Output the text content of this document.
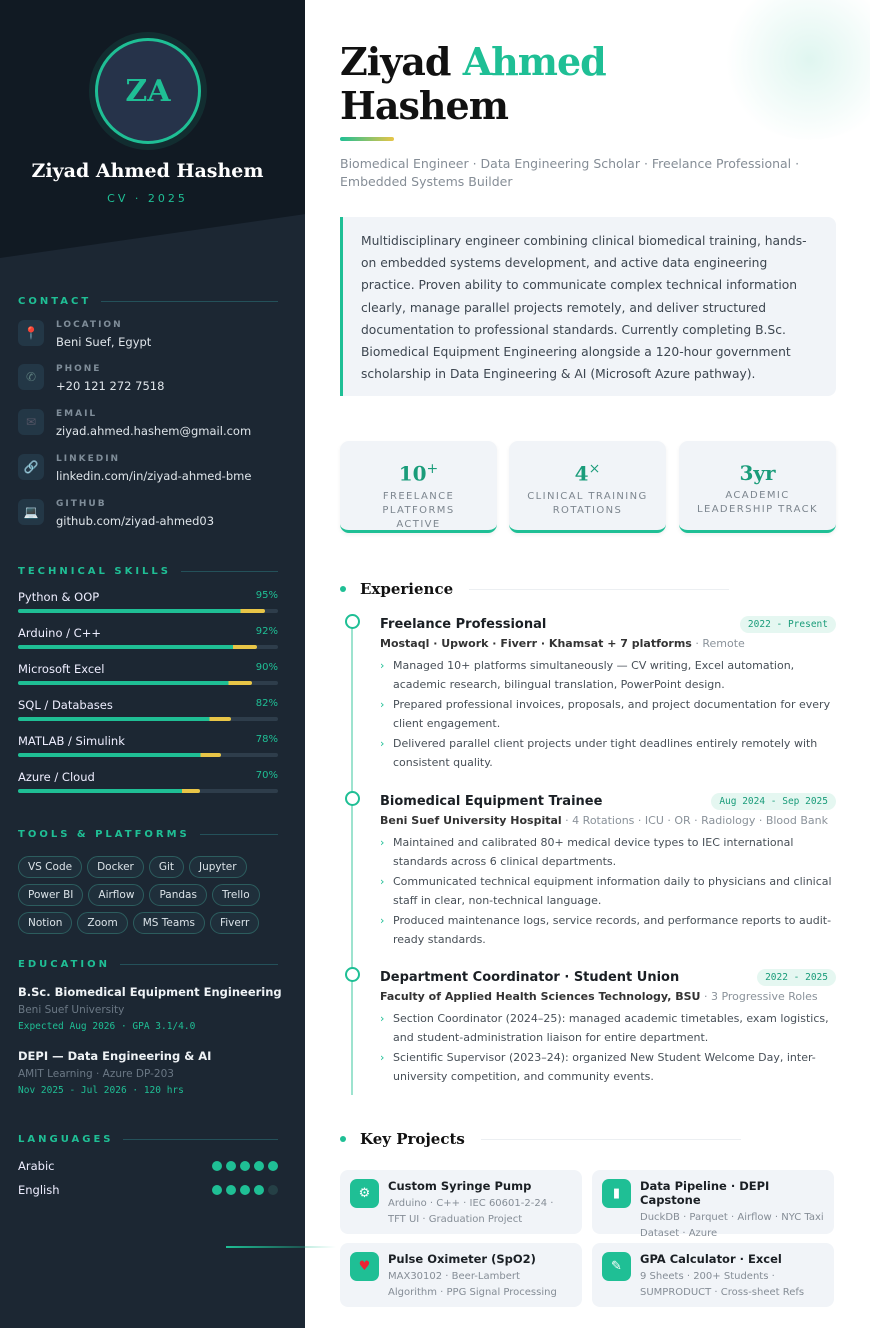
ZA
Ziyad Ahmed Hashem
CV · 2025
CONTACT
📍
LOCATION
Beni Suef, Egypt
✆
PHONE
+20 121 272 7518
✉
EMAIL
ziyad.ahmed.hashem@gmail.com
🔗
LINKEDIN
linkedin.com/in/ziyad-ahmed-bme
💻
GITHUB
github.com/ziyad-ahmed03
TECHNICAL SKILLS
Python & OOP	95%
Arduino / C++	92%
Microsoft Excel	90%
SQL / Databases	82%
MATLAB / Simulink	78%
Azure / Cloud	70%
TOOLS & PLATFORMS
VS Code	Docker	Git	Jupyter
Power BI	Airflow	Pandas	Trello
Notion	Zoom	MS Teams	Fiverr
EDUCATION
B.Sc. Biomedical Equipment Engineering
Beni Suef University
Expected Aug 2026 · GPA 3.1/4.0
DEPI — Data Engineering & AI
AMIT Learning · Azure DP-203
Nov 2025 - Jul 2026 · 120 hrs
LANGUAGES
Arabic
English
Ziyad Ahmed
Hashem
Biomedical Engineer · Data Engineering Scholar · Freelance Professional · Embedded Systems Builder
Multidisciplinary engineer combining clinical biomedical training, hands-on embedded systems development, and active data engineering practice. Proven ability to communicate complex technical information clearly, manage parallel projects remotely, and deliver structured documentation to professional standards. Currently completing B.Sc. Biomedical Equipment Engineering alongside a 120-hour government scholarship in Data Engineering & AI (Microsoft Azure pathway).
10+
FREELANCE PLATFORMS ACTIVE
4×
CLINICAL TRAINING ROTATIONS
3yr
ACADEMIC LEADERSHIP TRACK
Experience
Freelance Professional	2022 - Present
Mostaql · Upwork · Fiverr · Khamsat + 7 platforms · Remote
› Managed 10+ platforms simultaneously — CV writing, Excel automation, academic research, bilingual translation, PowerPoint design.
› Prepared professional invoices, proposals, and project documentation for every client engagement.
› Delivered parallel client projects under tight deadlines entirely remotely with consistent quality.
Biomedical Equipment Trainee	Aug 2024 - Sep 2025
Beni Suef University Hospital · 4 Rotations · ICU · OR · Radiology · Blood Bank
› Maintained and calibrated 80+ medical device types to IEC international standards across 6 clinical departments.
› Communicated technical equipment information daily to physicians and clinical staff in clear, non-technical language.
› Produced maintenance logs, service records, and performance reports to audit-ready standards.
Department Coordinator · Student Union	2022 - 2025
Faculty of Applied Health Sciences Technology, BSU · 3 Progressive Roles
› Section Coordinator (2024–25): managed academic timetables, exam logistics, and student-administration liaison for entire department.
› Scientific Supervisor (2023–24): organized New Student Welcome Day, inter-university competition, and community events.
Key Projects
⚙	Custom Syringe Pump
Arduino · C++ · IEC 60601-2-24 · TFT UI · Graduation Project
▮	Data Pipeline · DEPI Capstone
DuckDB · Parquet · Airflow · NYC Taxi Dataset · Azure
♥	Pulse Oximeter (SpO2)
MAX30102 · Beer-Lambert Algorithm · PPG Signal Processing
✎	GPA Calculator · Excel
9 Sheets · 200+ Students · SUMPRODUCT · Cross-sheet Refs
